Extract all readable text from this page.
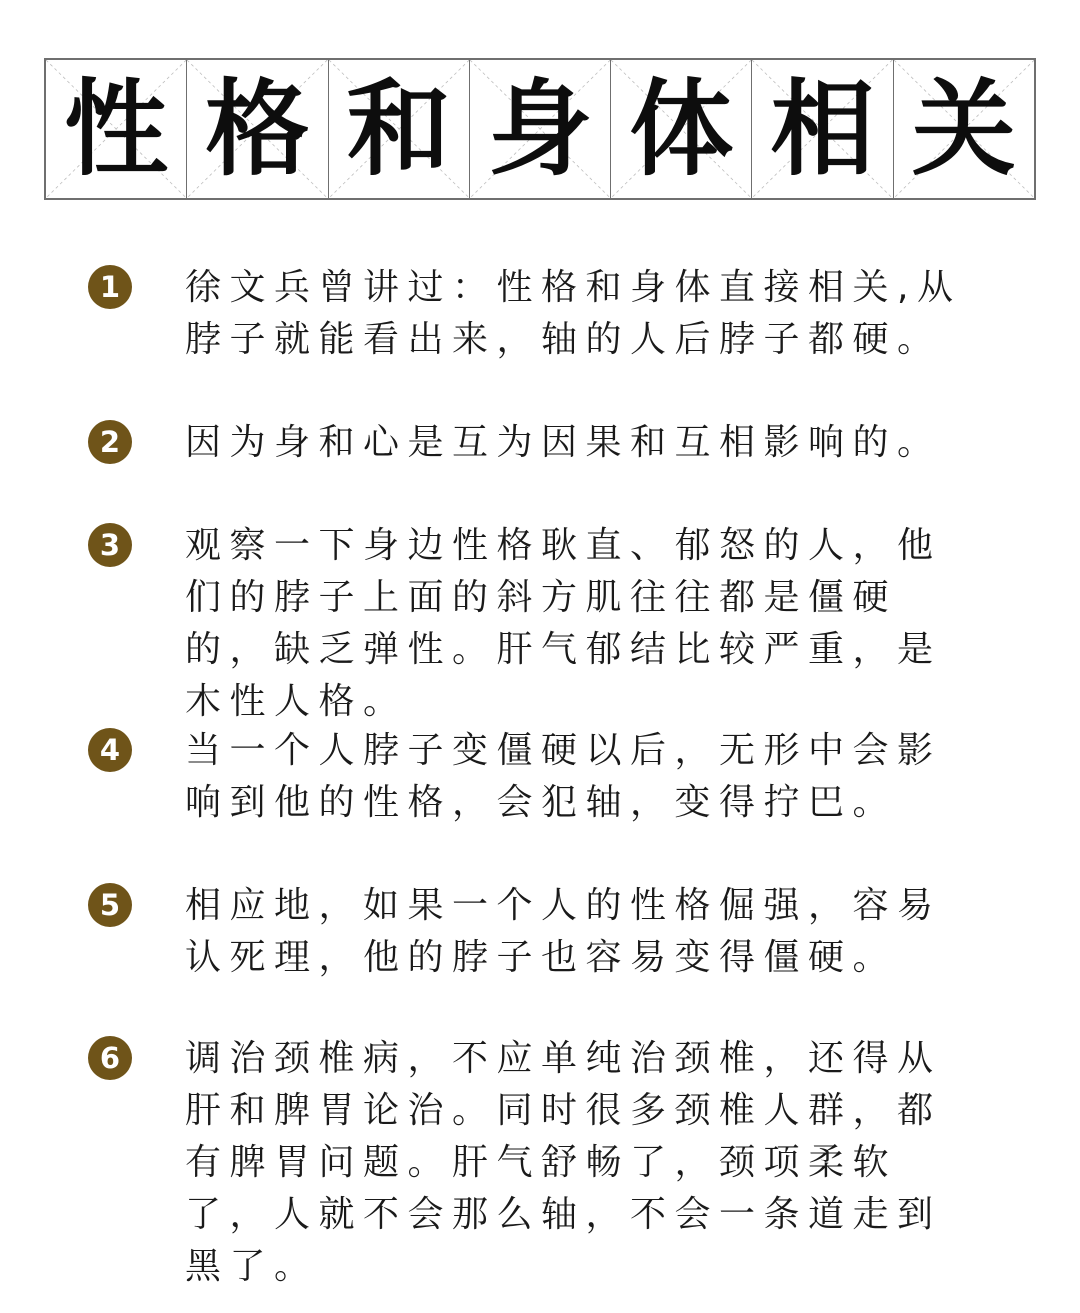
性 格 和 身 体 相 关
1 徐文兵曾讲过：性格和身体直接相关,从脖子就能看出来，轴的人后脖子都硬。
2 因为身和心是互为因果和互相影响的。
3 观察一下身边性格耿直、郁怒的人，他们的脖子上面的斜方肌往往都是僵硬的，缺乏弹性。肝气郁结比较严重，是木性人格。
4 当一个人脖子变僵硬以后，无形中会影响到他的性格，会犯轴，变得拧巴。
5 相应地，如果一个人的性格倔强，容易认死理，他的脖子也容易变得僵硬。
6 调治颈椎病，不应单纯治颈椎，还得从肝和脾胃论治。同时很多颈椎人群，都有脾胃问题。肝气舒畅了，颈项柔软了，人就不会那么轴，不会一条道走到黑了。
